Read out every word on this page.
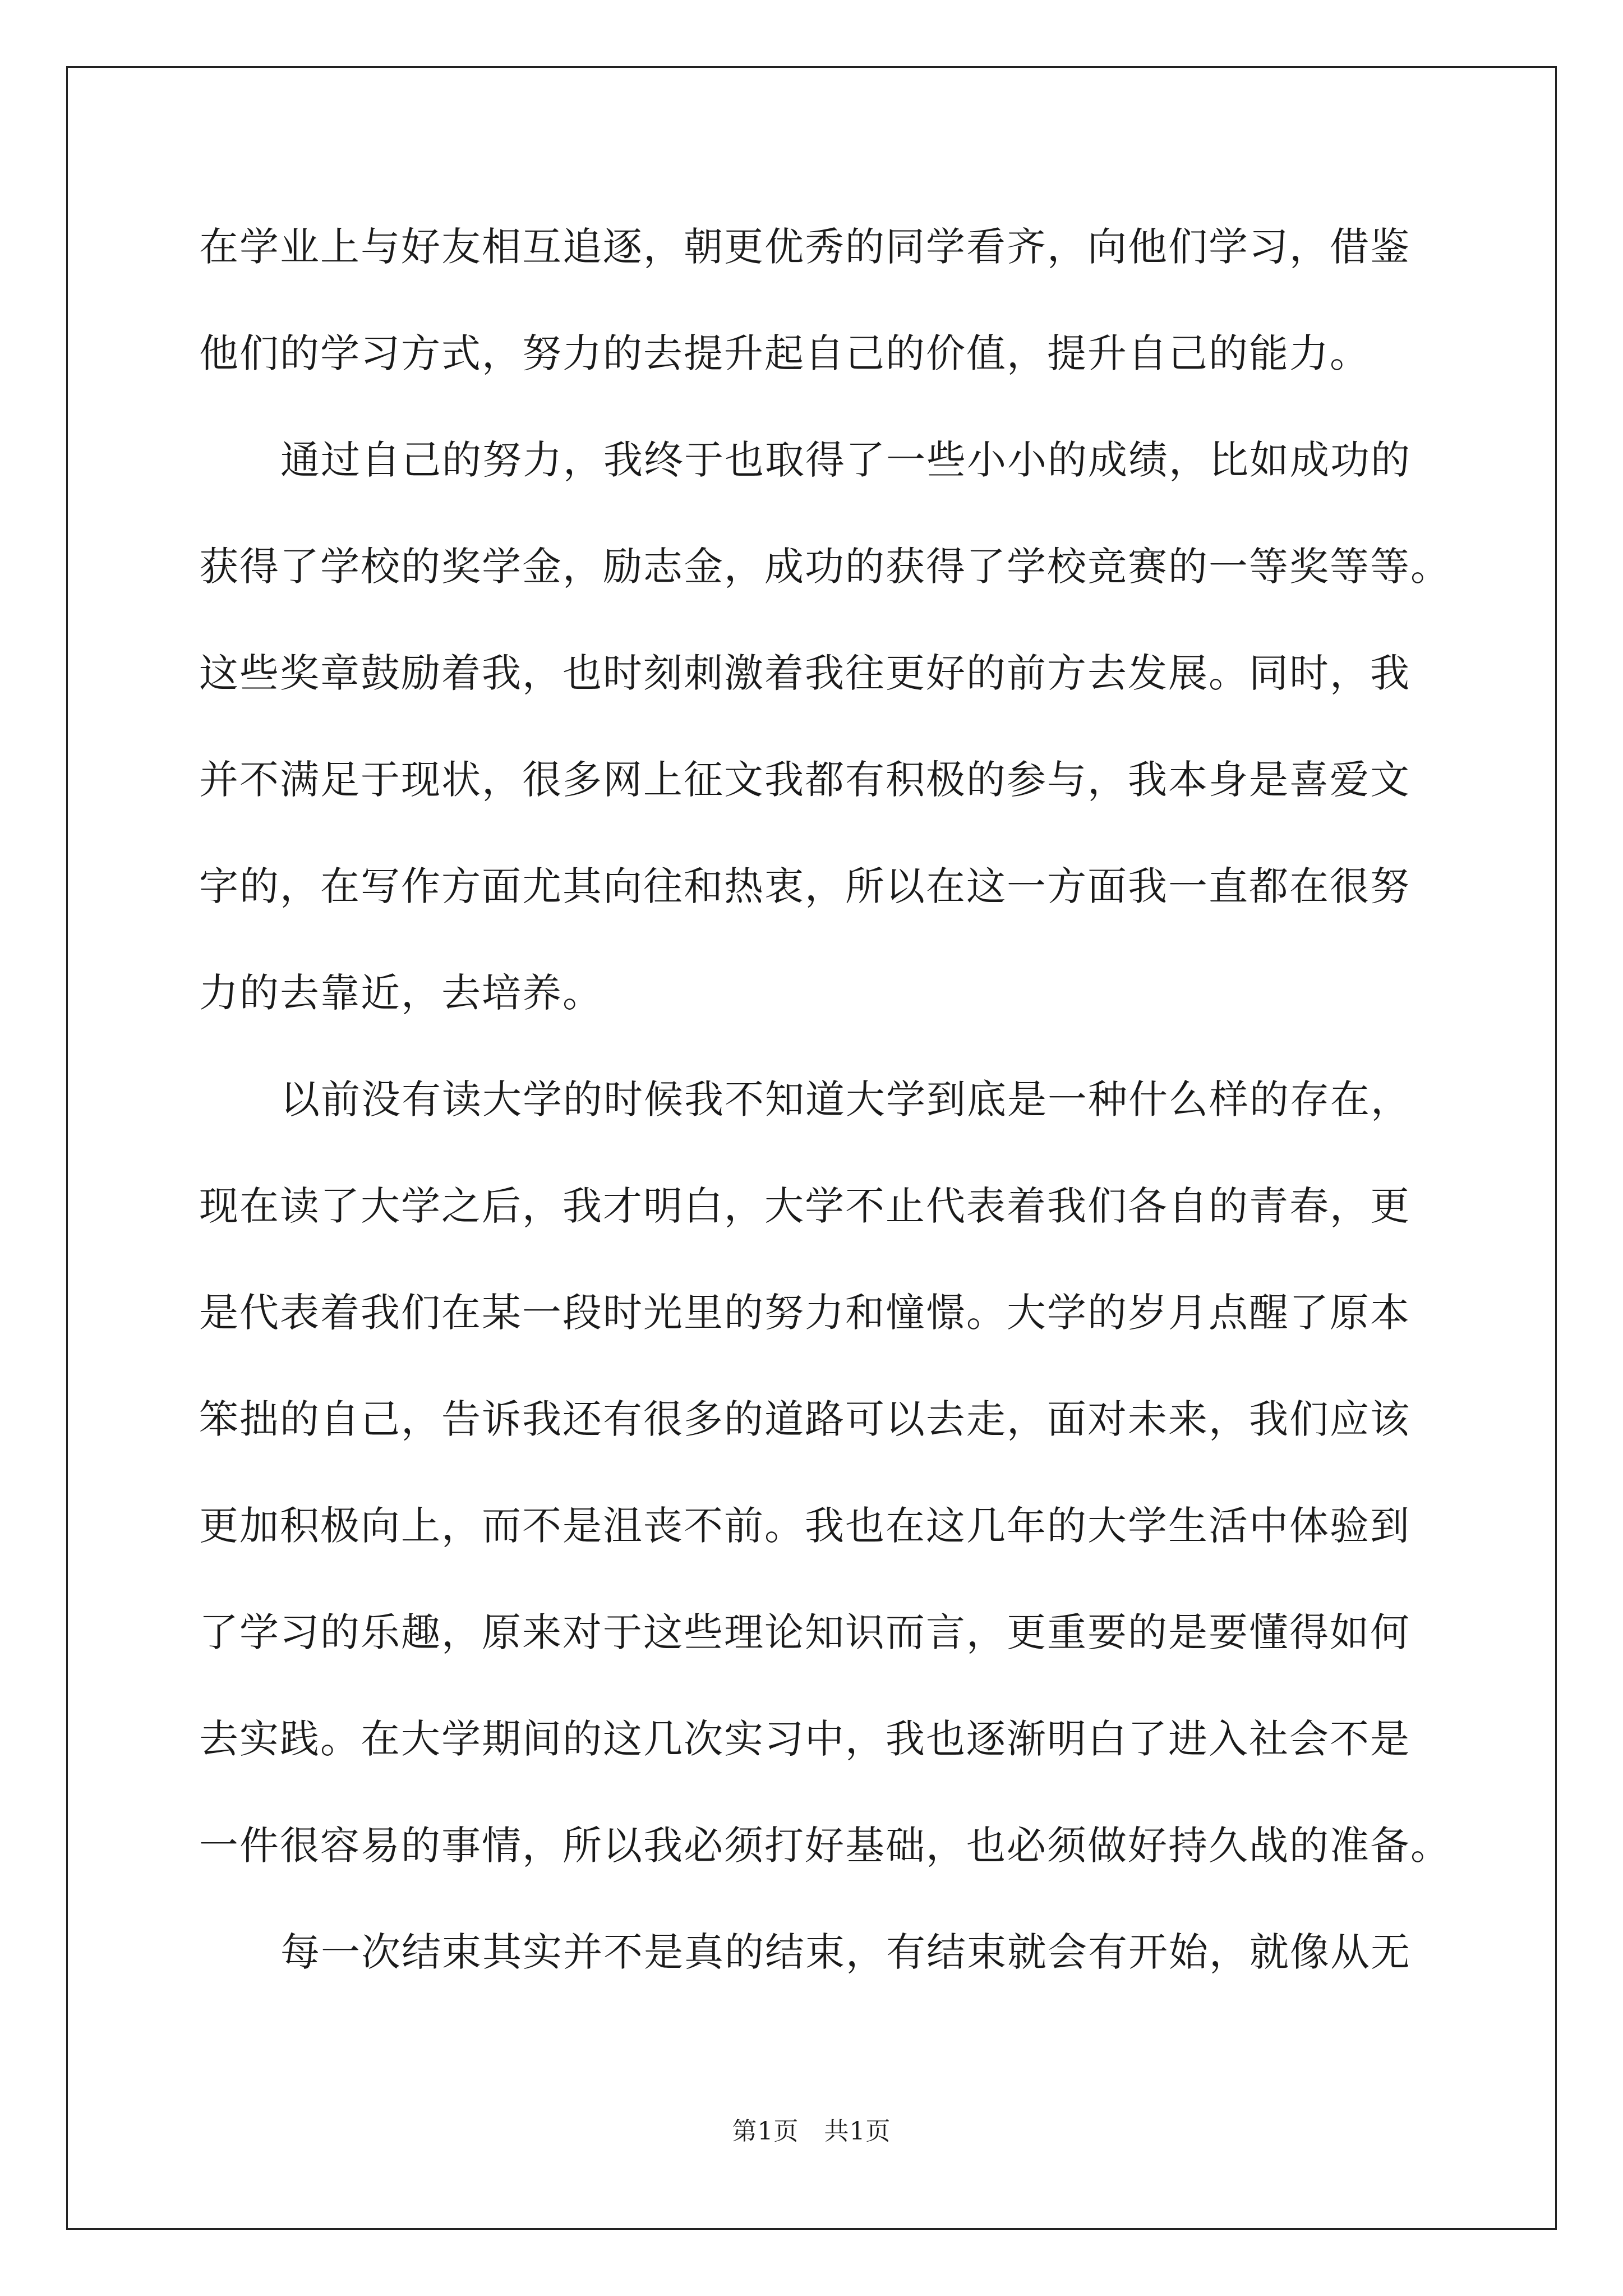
在学业上与好友相互追逐，朝更优秀的同学看齐，向他们学习，借鉴
他们的学习方式，努力的去提升起自己的价值，提升自己的能力。
通过自己的努力，我终于也取得了一些小小的成绩，比如成功的
获得了学校的奖学金，励志金，成功的获得了学校竞赛的一等奖等等。
这些奖章鼓励着我，也时刻刺激着我往更好的前方去发展。同时，我
并不满足于现状，很多网上征文我都有积极的参与，我本身是喜爱文
字的，在写作方面尤其向往和热衷，所以在这一方面我一直都在很努
力的去靠近，去培养。
以前没有读大学的时候我不知道大学到底是一种什么样的存在，
现在读了大学之后，我才明白，大学不止代表着我们各自的青春，更
是代表着我们在某一段时光里的努力和憧憬。大学的岁月点醒了原本
笨拙的自己，告诉我还有很多的道路可以去走，面对未来，我们应该
更加积极向上，而不是沮丧不前。我也在这几年的大学生活中体验到
了学习的乐趣，原来对于这些理论知识而言，更重要的是要懂得如何
去实践。在大学期间的这几次实习中，我也逐渐明白了进入社会不是
一件很容易的事情，所以我必须打好基础，也必须做好持久战的准备。
每一次结束其实并不是真的结束，有结束就会有开始，就像从无
第1页　共1页
